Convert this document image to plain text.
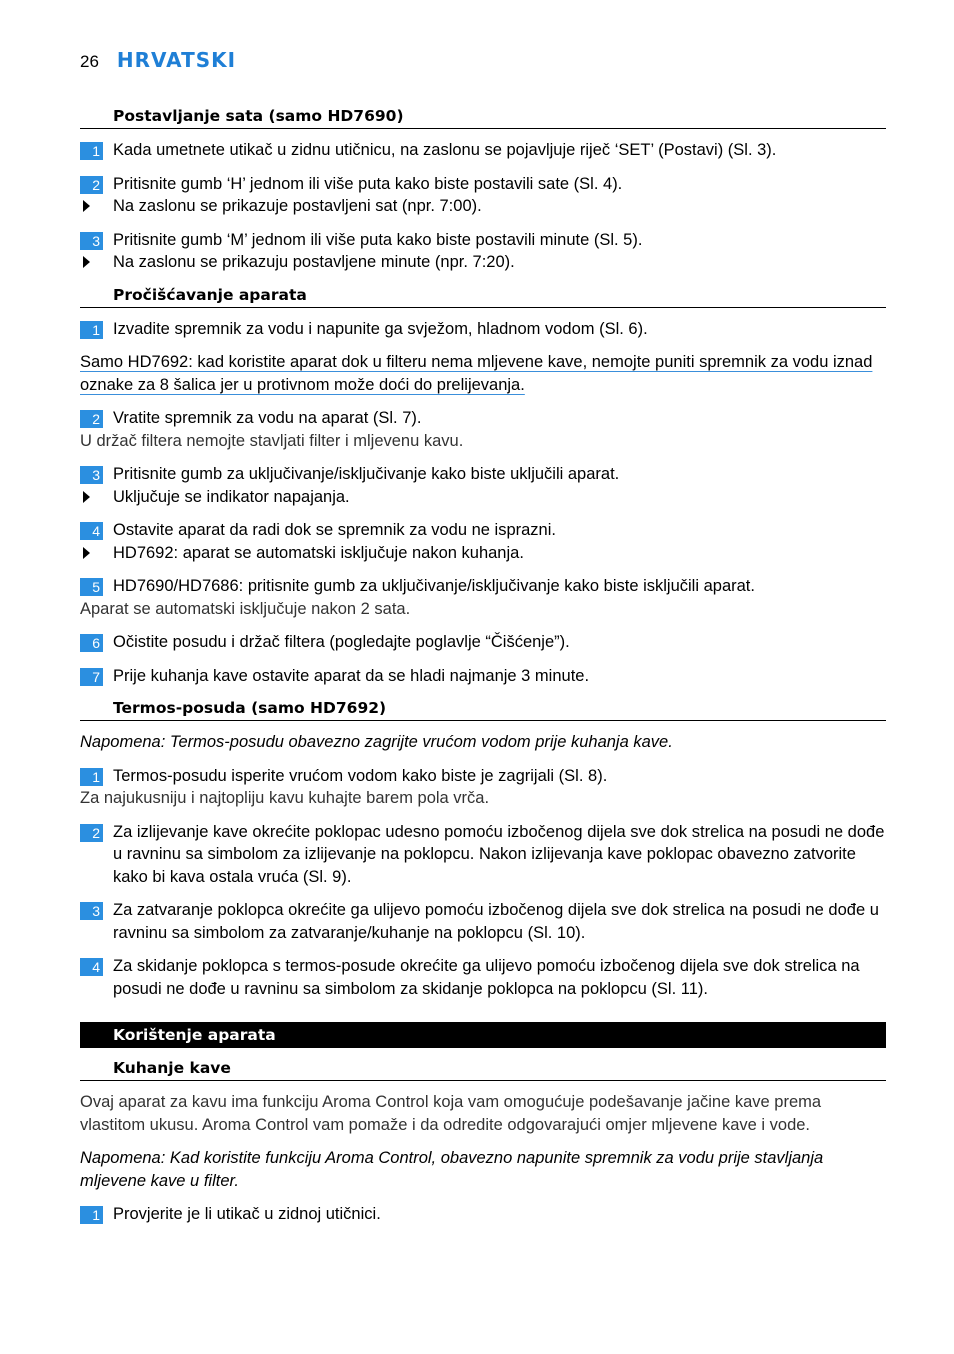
26 HRVATSKI
Postavljanje sata (samo HD7690)
1 Kada umetnete utikač u zidnu utičnicu, na zaslonu se pojavljuje riječ ‘SET’ (Postavi) (Sl. 3).
2 Pritisnite gumb ‘H’ jednom ili više puta kako biste postavili sate (Sl. 4).
Na zaslonu se prikazuje postavljeni sat (npr. 7:00).
3 Pritisnite gumb ‘M’ jednom ili više puta kako biste postavili minute (Sl. 5).
Na zaslonu se prikazuju postavljene minute (npr. 7:20).
Pročišćavanje aparata
1 Izvadite spremnik za vodu i napunite ga svježom, hladnom vodom (Sl. 6).
Samo HD7692: kad koristite aparat dok u filteru nema mljevene kave, nemojte puniti spremnik za vodu iznad oznake za 8 šalica jer u protivnom može doći do prelijevanja.
2 Vratite spremnik za vodu na aparat (Sl. 7).
U držač filtera nemojte stavljati filter i mljevenu kavu.
3 Pritisnite gumb za uključivanje/isključivanje kako biste uključili aparat.
Uključuje se indikator napajanja.
4 Ostavite aparat da radi dok se spremnik za vodu ne isprazni.
HD7692: aparat se automatski isključuje nakon kuhanja.
5 HD7690/HD7686: pritisnite gumb za uključivanje/isključivanje kako biste isključili aparat.
Aparat se automatski isključuje nakon 2 sata.
6 Očistite posudu i držač filtera (pogledajte poglavlje “Čišćenje”).
7 Prije kuhanja kave ostavite aparat da se hladi najmanje 3 minute.
Termos-posuda (samo HD7692)
Napomena: Termos-posudu obavezno zagrijte vrućom vodom prije kuhanja kave.
1 Termos-posudu isperite vrućom vodom kako biste je zagrijali (Sl. 8).
Za najukusniju i najtopliju kavu kuhajte barem pola vrča.
2 Za izlijevanje kave okrećite poklopac udesno pomoću izbočenog dijela sve dok strelica na posudi ne dođe u ravninu sa simbolom za izlijevanje na poklopcu. Nakon izlijevanja kave poklopac obavezno zatvorite kako bi kava ostala vruća (Sl. 9).
3 Za zatvaranje poklopca okrećite ga ulijevo pomoću izbočenog dijela sve dok strelica na posudi ne dođe u ravninu sa simbolom za zatvaranje/kuhanje na poklopcu (Sl. 10).
4 Za skidanje poklopca s termos-posude okrećite ga ulijevo pomoću izbočenog dijela sve dok strelica na posudi ne dođe u ravninu sa simbolom za skidanje poklopca na poklopcu (Sl. 11).
Korištenje aparata
Kuhanje kave
Ovaj aparat za kavu ima funkciju Aroma Control koja vam omogućuje podešavanje jačine kave prema vlastitom ukusu. Aroma Control vam pomaže i da odredite odgovarajući omjer mljevene kave i vode.
Napomena: Kad koristite funkciju Aroma Control, obavezno napunite spremnik za vodu prije stavljanja mljevene kave u filter.
1 Provjerite je li utikač u zidnoj utičnici.
